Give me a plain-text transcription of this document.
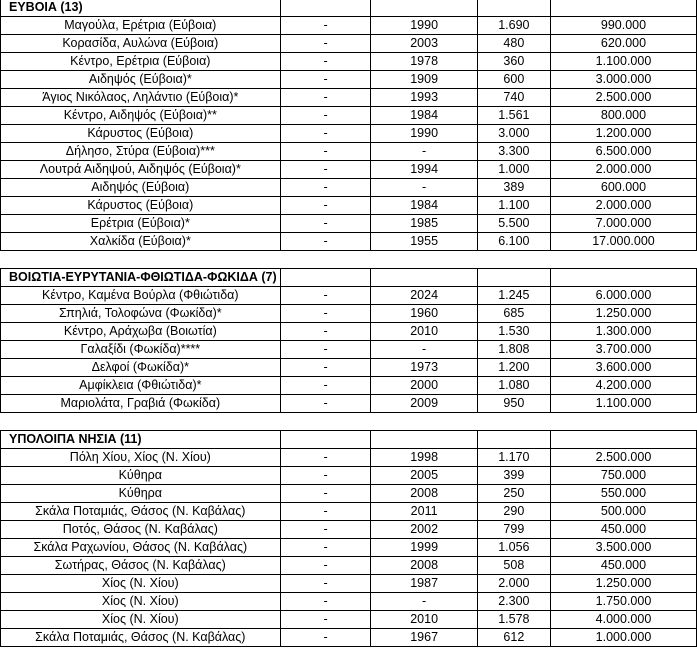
ΕΥΒΟΙΑ (13)				
Μαγούλα, Ερέτρια (Εύβοια)	-	1990	1.690	990.000
Κορασίδα, Αυλώνα (Εύβοια)	-	2003	480	620.000
Κέντρο, Ερέτρια (Εύβοια)	-	1978	360	1.100.000
Αιδηψός (Εύβοια)*	-	1909	600	3.000.000
Άγιος Νικόλαος, Ληλάντιο (Εύβοια)*	-	1993	740	2.500.000
Κέντρο, Αιδηψός (Εύβοια)**	-	1984	1.561	800.000
Κάρυστος (Εύβοια)	-	1990	3.000	1.200.000
Δήλησο, Στύρα (Εύβοια)***	-	-	3.300	6.500.000
Λουτρά Αιδηψού, Αιδηψός (Εύβοια)*	-	1994	1.000	2.000.000
Αιδηψός (Εύβοια)	-	-	389	600.000
Κάρυστος (Εύβοια)	-	1984	1.100	2.000.000
Ερέτρια (Εύβοια)*	-	1985	5.500	7.000.000
Χαλκίδα (Εύβοια)*	-	1955	6.100	17.000.000

ΒΟΙΩΤΙΑ-ΕΥΡΥΤΑΝΙΑ-ΦΘΙΩΤΙΔΑ-ΦΩΚΙΔΑ (7)				
Κέντρο, Καμένα Βούρλα (Φθιώτιδα)	-	2024	1.245	6.000.000
Σπηλιά, Τολοφώνα (Φωκίδα)*	-	1960	685	1.250.000
Κέντρο, Αράχωβα (Βοιωτία)	-	2010	1.530	1.300.000
Γαλαξίδι (Φωκίδα)****	-	-	1.808	3.700.000
Δελφοί (Φωκίδα)*	-	1973	1.200	3.600.000
Αμφίκλεια (Φθιώτιδα)*	-	2000	1.080	4.200.000
Μαριολάτα, Γραβιά (Φωκίδα)	-	2009	950	1.100.000

ΥΠΟΛΟΙΠΑ ΝΗΣΙΑ (11)				
Πόλη Χίου, Χίος (Ν. Χίου)	-	1998	1.170	2.500.000
Κύθηρα	-	2005	399	750.000
Κύθηρα	-	2008	250	550.000
Σκάλα Ποταμιάς, Θάσος (Ν. Καβάλας)	-	2011	290	500.000
Ποτός, Θάσος (Ν. Καβάλας)	-	2002	799	450.000
Σκάλα Ραχωνίου, Θάσος (Ν. Καβάλας)	-	1999	1.056	3.500.000
Σωτήρας, Θάσος (Ν. Καβάλας)	-	2008	508	450.000
Χίος (Ν. Χίου)	-	1987	2.000	1.250.000
Χίος (Ν. Χίου)	-	-	2.300	1.750.000
Χίος (Ν. Χίου)	-	2010	1.578	4.000.000
Σκάλα Ποταμιάς, Θάσος (Ν. Καβάλας)	-	1967	612	1.000.000
